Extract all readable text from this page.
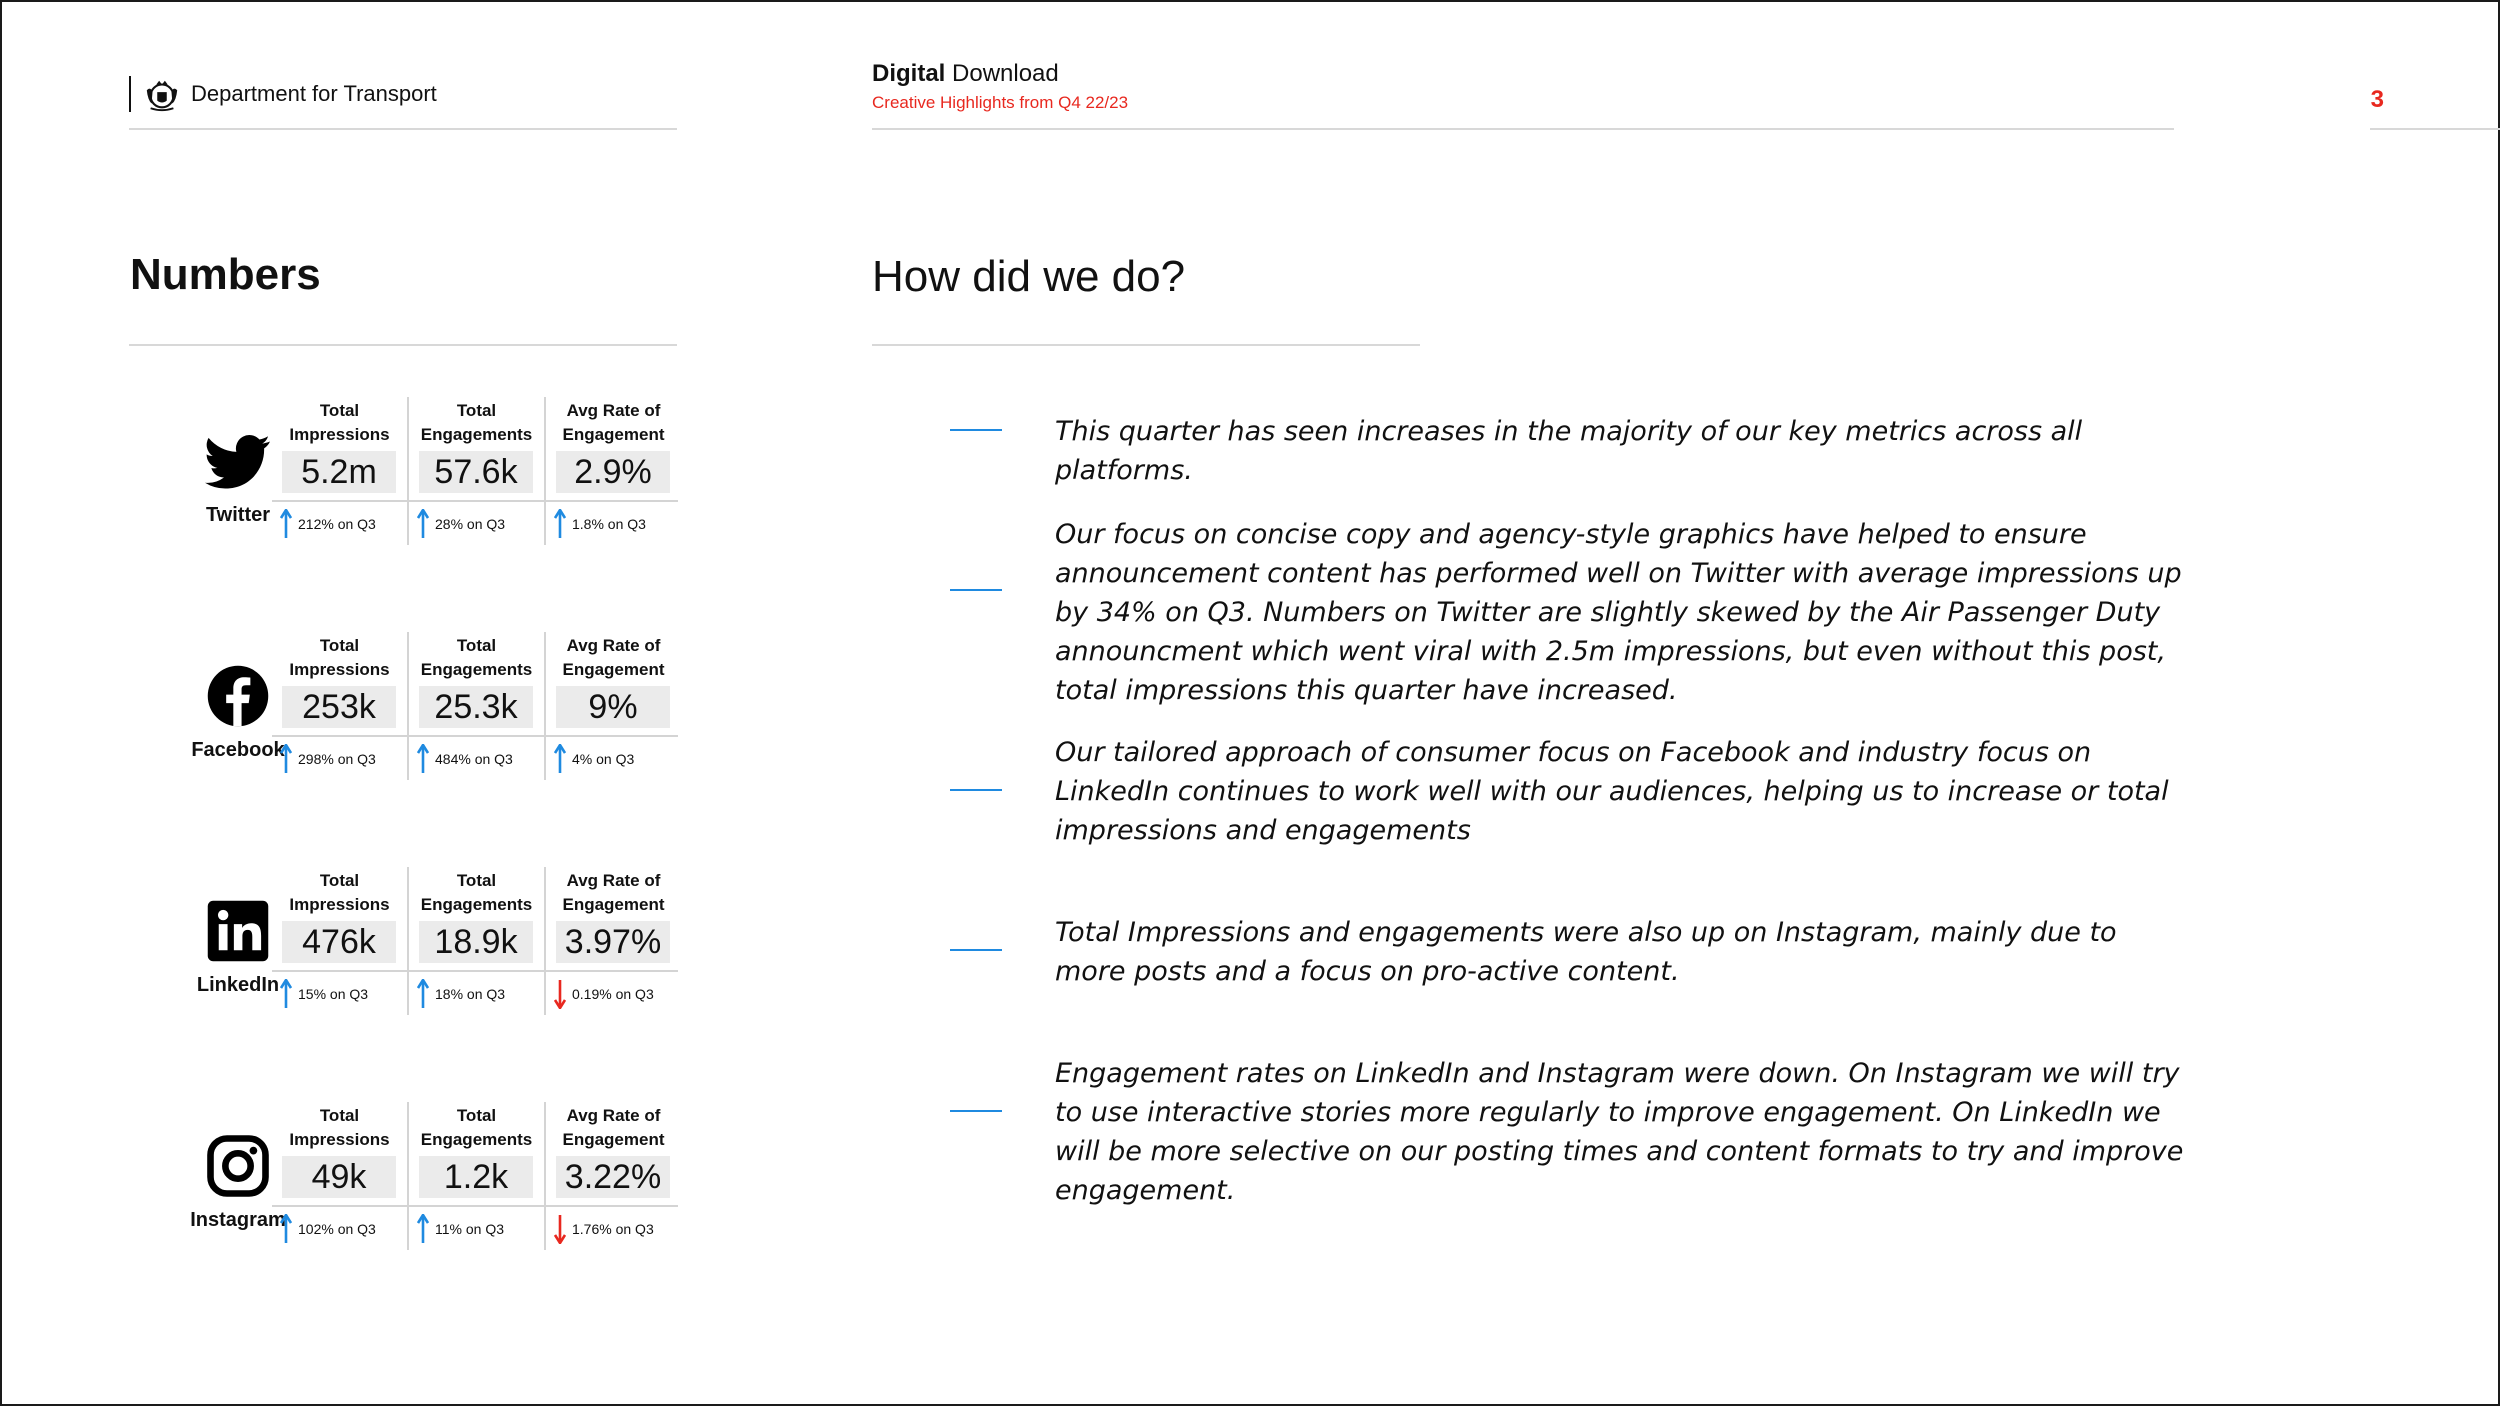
Department for Transport
Digital Download
Creative Highlights from Q4 22/23	3
Numbers	How did we do?
Twitter
Total
Impressions
5.2m
212% on Q3
Total
Engagements
57.6k
28% on Q3
Avg Rate of
Engagement
2.9%
1.8% on Q3
Facebook
Total
Impressions
253k
298% on Q3
Total
Engagements
25.3k
484% on Q3
Avg Rate of
Engagement
9%
4% on Q3
LinkedIn
Total
Impressions
476k
15% on Q3
Total
Engagements
18.9k
18% on Q3
Avg Rate of
Engagement
3.97%
0.19% on Q3
Instagram
Total
Impressions
49k
102% on Q3
Total
Engagements
1.2k
11% on Q3
Avg Rate of
Engagement
3.22%
1.76% on Q3
This quarter has seen increases in the majority of our key metrics across all platforms.
Our focus on concise copy and agency-style graphics have helped to ensure announcement content has performed well on Twitter with average impressions up by 34% on Q3. Numbers on Twitter are slightly skewed by the Air Passenger Duty announcment which went viral with 2.5m impressions, but even without this post, total impressions this quarter have increased.
Our tailored approach of consumer focus on Facebook and industry focus on LinkedIn continues to work well with our audiences, helping us to increase or total impressions and engagements
Total Impressions and engagements were also up on Instagram, mainly due to more posts and a focus on pro-active content.
Engagement rates on LinkedIn and Instagram were down. On Instagram we will try to use interactive stories more regularly to improve engagement. On LinkedIn we will be more selective on our posting times and content formats to try and improve engagement.
